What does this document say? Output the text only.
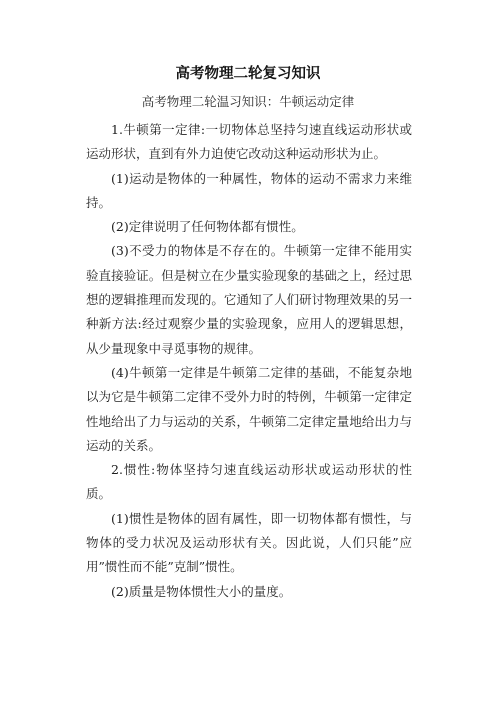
高考物理二轮复习知识
高考物理二轮温习知识：牛顿运动定律

1.牛顿第一定律:一切物体总坚持匀速直线运动形状或运动形状，直到有外力迫使它改动这种运动形状为止。

(1)运动是物体的一种属性，物体的运动不需求力来维持。

(2)定律说明了任何物体都有惯性。

(3)不受力的物体是不存在的。牛顿第一定律不能用实验直接验证。但是树立在少量实验现象的基础之上，经过思想的逻辑推理而发现的。它通知了人们研讨物理效果的另一种新方法:经过观察少量的实验现象，应用人的逻辑思想，从少量现象中寻觅事物的规律。

(4)牛顿第一定律是牛顿第二定律的基础，不能复杂地以为它是牛顿第二定律不受外力时的特例，牛顿第一定律定性地给出了力与运动的关系，牛顿第二定律定量地给出力与运动的关系。

2.惯性:物体坚持匀速直线运动形状或运动形状的性质。

(1)惯性是物体的固有属性，即一切物体都有惯性，与物体的受力状况及运动形状有关。因此说，人们只能”应用”惯性而不能”克制”惯性。

(2)质量是物体惯性大小的量度。
